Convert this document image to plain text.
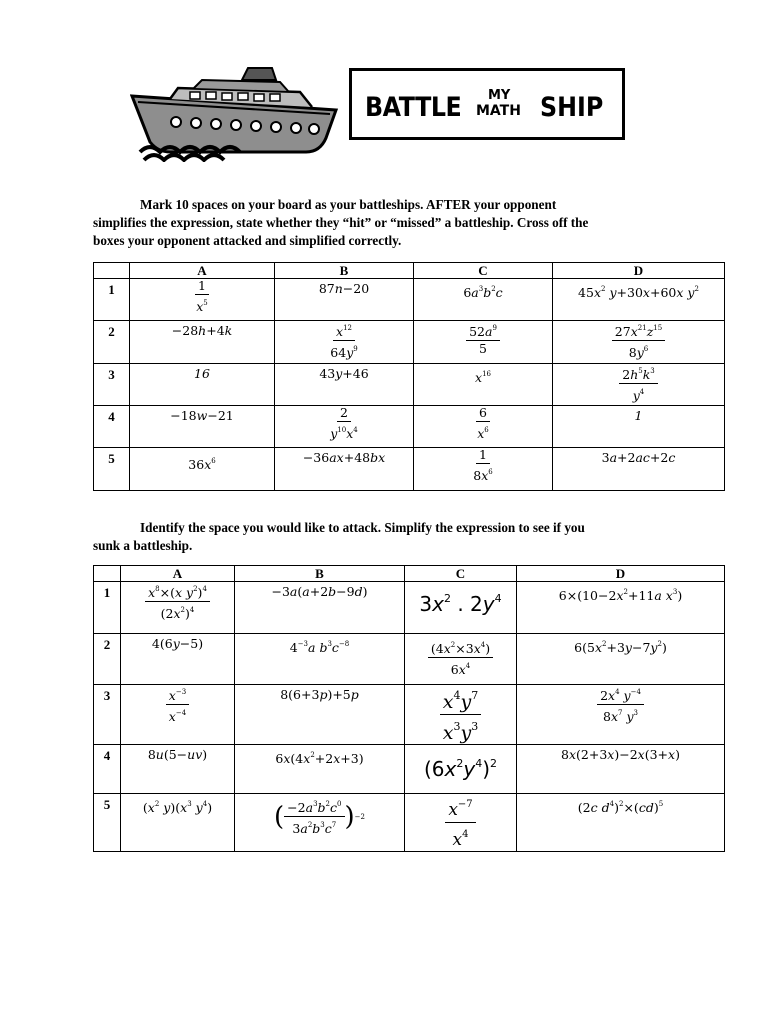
BATTLE MY
MATH SHIP
Mark 10 spaces on your board as your battleships. AFTER your opponent
simplifies the expression, state whether they “hit” or “missed” a battleship. Cross off the
boxes your opponent attacked and simplified correctly.
	A	B	C	D
1	$\frac{1}{x^5}$	87n−20	$6a^3b^2c$	$45x^2$ y+30x+60x $y^2$
2	−28h+4k	$\frac{x^{12}}{64y^9}$	$\frac{52a^9}{5}$	$\frac{27x^{21}z^{15}}{8y^6}$

3	16	43y+46	$x^{16}$	$\frac{2h^5k^3}{y^4}$

4	−18w−21	$\frac{2}{y^{10}x^4}$	$\frac{6}{x^6}$	1
5	$36x^6$	−36ax+48bx	$\frac{1}{8x^6}$	3a+2ac+2c
Identify the space you would like to attack. Simplify the expression to see if you
sunk a battleship.
	A	B	C	D
1	$\frac{x^8\times(x y^2)^4}{(2x^2)^4}$	−3a(a+2b−9d)	$3x^2$ . $2y^4$	$6\times(10-2x^2+11a$ $x^3$)
2	4(6y−5)	$4^{-3}a$ $b^3c^{-8}$	$\frac{(4x^2\times 3x^4)}{6x^4}$	$6(5x^2+3y-7y^2)$
3	$\frac{x^{-3}}{x^{-4}}$	8(6+3p)+5p	$\frac{x^4y^7}{x^3y^3}$	$\frac{2x^4 y^{-4}}{8x^7 y^3}$

4	8u(5−uv)	$6x(4x^2+2x+3)$	$(6x^2y^4)^2$	8x(2+3x)−2x(3+x)
5	($x^2$ $y)(x^3$ $y^4$)	( $\frac{-2a^3b^2c^0}{3a^2b^3c^7}$ ) −2	$\frac{x^{-7}}{x^4}$	(2c $d^4)^2\times(cd)^5$
